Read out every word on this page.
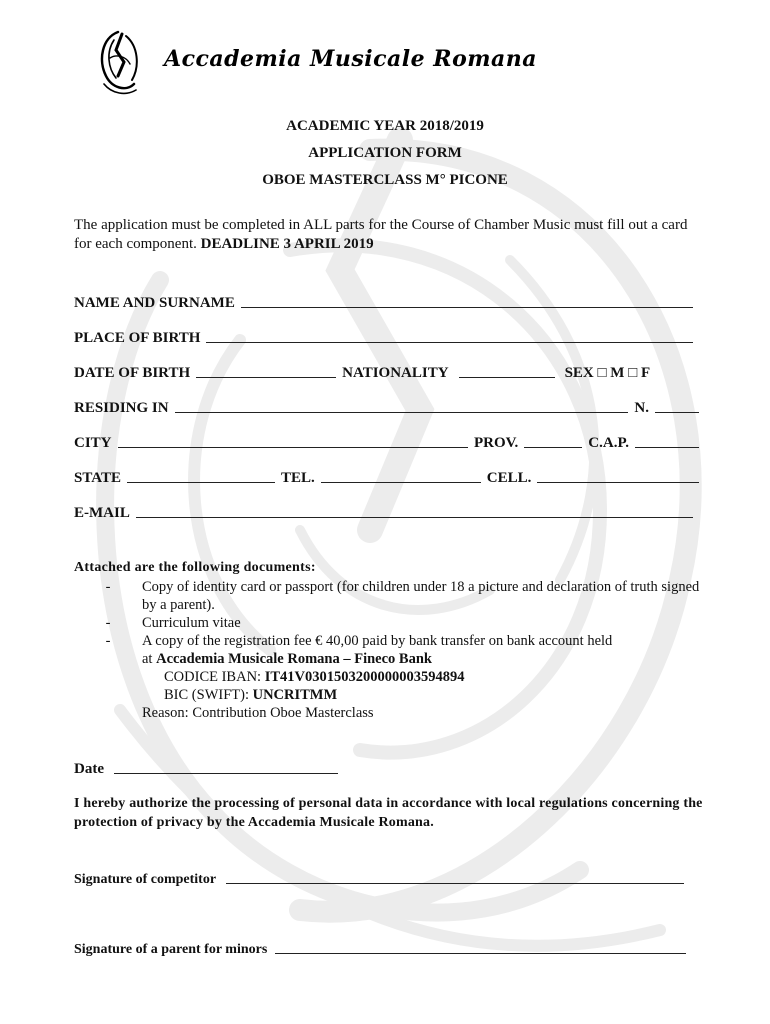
Accademia Musicale Romana
ACADEMIC YEAR 2018/2019
APPLICATION FORM
OBOE MASTERCLASS M° PICONE
The application must be completed in ALL parts for the Course of Chamber Music must fill out a card for each component. DEADLINE 3 APRIL 2019
NAME AND SURNAME
PLACE OF BIRTH
DATE OF BIRTH	NATIONALITY	SEX □ M □ F
RESIDING IN	N.
CITY	PROV.	C.A.P.
STATE	TEL.	CELL.
E-MAIL
Attached are the following documents:
-	Copy of identity card or passport (for children under 18 a picture and declaration of truth signed by a parent).
-	Curriculum vitae
-	A copy of the registration fee € 40,00 paid by bank transfer on bank account held
at Accademia Musicale Romana – Fineco Bank
CODICE IBAN: IT41V0301503200000003594894
BIC (SWIFT): UNCRITMM
Reason: Contribution Oboe Masterclass
Date
I hereby authorize the processing of personal data in accordance with local regulations concerning the protection of privacy by the Accademia Musicale Romana.
Signature of competitor
Signature of a parent for minors
